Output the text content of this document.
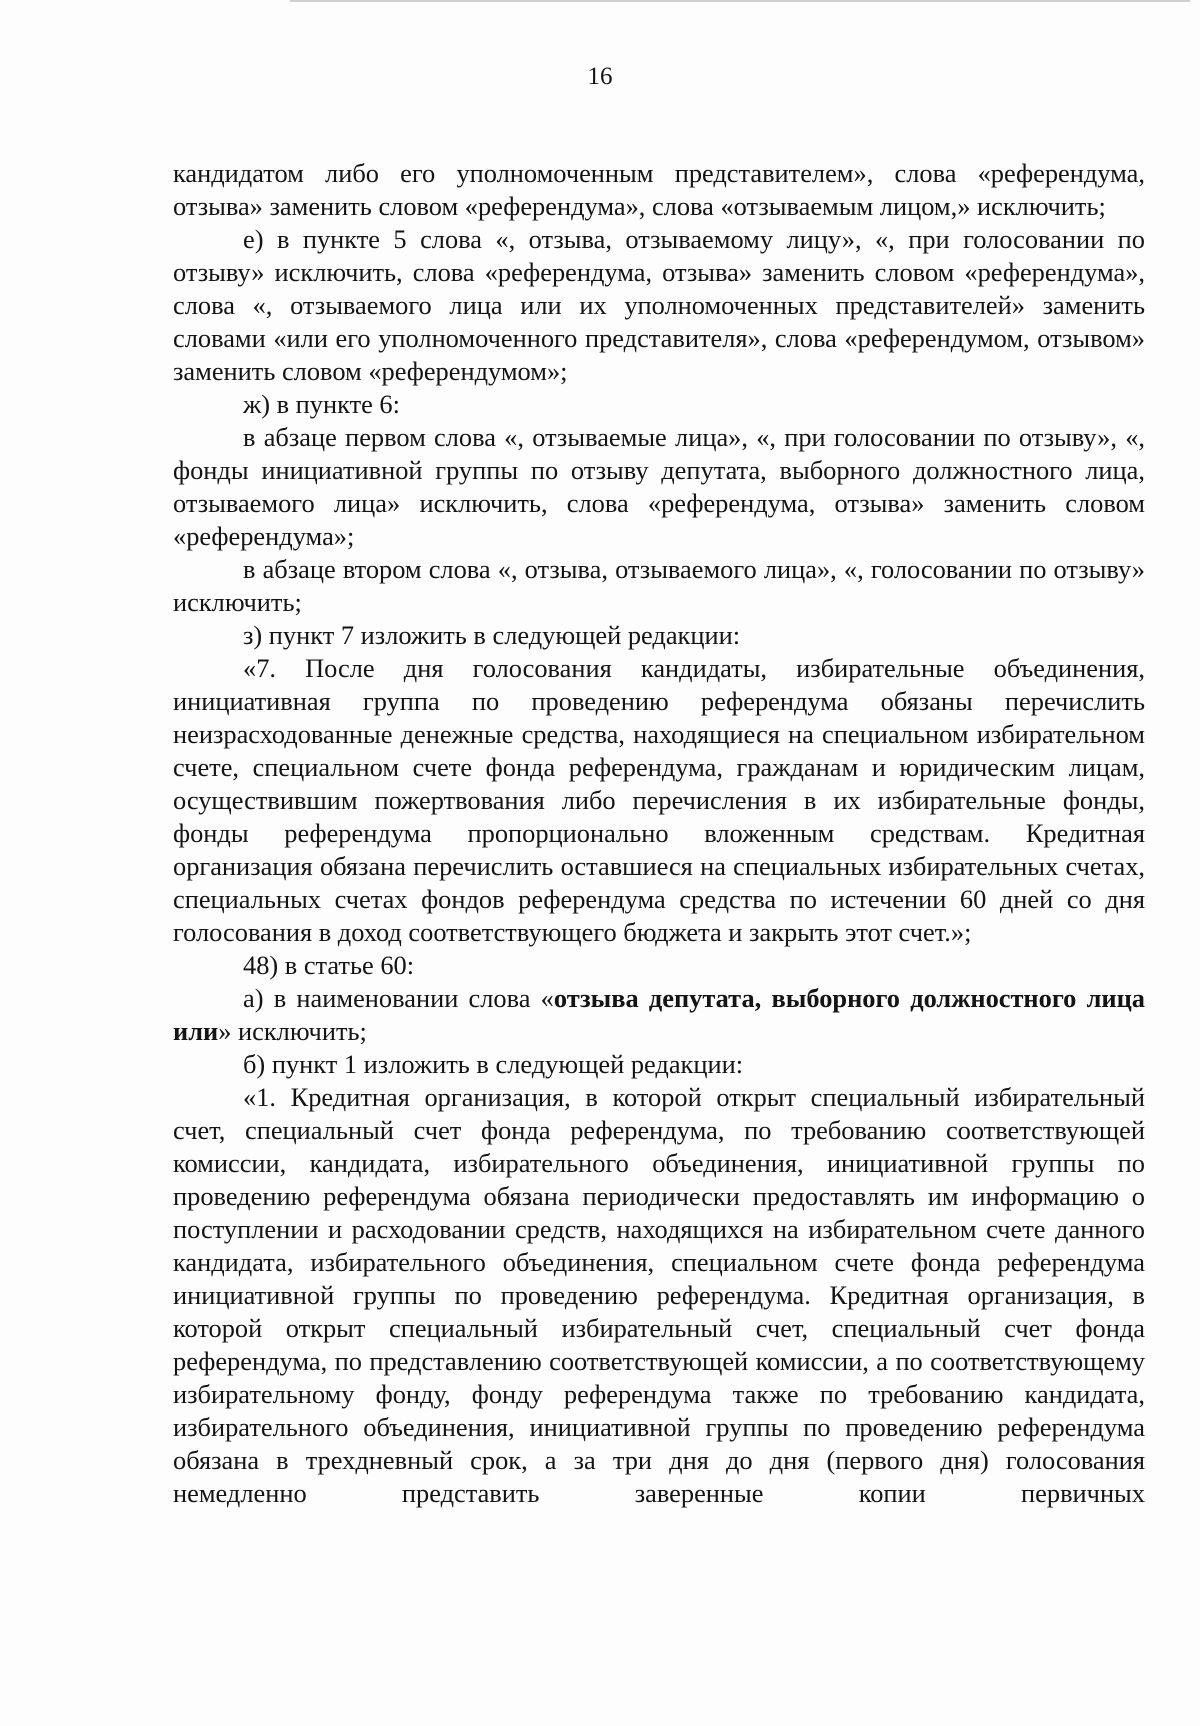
16

кандидатом либо его уполномоченным представителем», слова «референдума, отзыва» заменить словом «референдума», слова «отзываемым лицом,» исключить;

е) в пункте 5 слова «, отзыва, отзываемому лицу», «, при голосовании по отзыву» исключить, слова «референдума, отзыва» заменить словом «референдума», слова «, отзываемого лица или их уполномоченных представителей» заменить словами «или его уполномоченного представителя», слова «референдумом, отзывом» заменить словом «референдумом»;

ж) в пункте 6:

в абзаце первом слова «, отзываемые лица», «, при голосовании по отзыву», «, фонды инициативной группы по отзыву депутата, выборного должностного лица, отзываемого лица» исключить, слова «референдума, отзыва» заменить словом «референдума»;

в абзаце втором слова «, отзыва, отзываемого лица», «, голосовании по отзыву» исключить;

з) пункт 7 изложить в следующей редакции:

«7. После дня голосования кандидаты, избирательные объединения, инициативная группа по проведению референдума обязаны перечислить неизрасходованные денежные средства, находящиеся на специальном избирательном счете, специальном счете фонда референдума, гражданам и юридическим лицам, осуществившим пожертвования либо перечисления в их избирательные фонды, фонды референдума пропорционально вложенным средствам. Кредитная организация обязана перечислить оставшиеся на специальных избирательных счетах, специальных счетах фондов референдума средства по истечении 60 дней со дня голосования в доход соответствующего бюджета и закрыть этот счет.»;

48) в статье 60:

а) в наименовании слова «отзыва депутата, выборного должностного лица или» исключить;

б) пункт 1 изложить в следующей редакции:

«1. Кредитная организация, в которой открыт специальный избирательный счет, специальный счет фонда референдума, по требованию соответствующей комиссии, кандидата, избирательного объединения, инициативной группы по проведению референдума обязана периодически предоставлять им информацию о поступлении и расходовании средств, находящихся на избирательном счете данного кандидата, избирательного объединения, специальном счете фонда референдума инициативной группы по проведению референдума. Кредитная организация, в которой открыт специальный избирательный счет, специальный счет фонда референдума, по представлению соответствующей комиссии, а по соответствующему избирательному фонду, фонду референдума также по требованию кандидата, избирательного объединения, инициативной группы по проведению референдума обязана в трехдневный срок, а за три дня до дня (первого дня) голосования немедленно представить заверенные копии первичных
